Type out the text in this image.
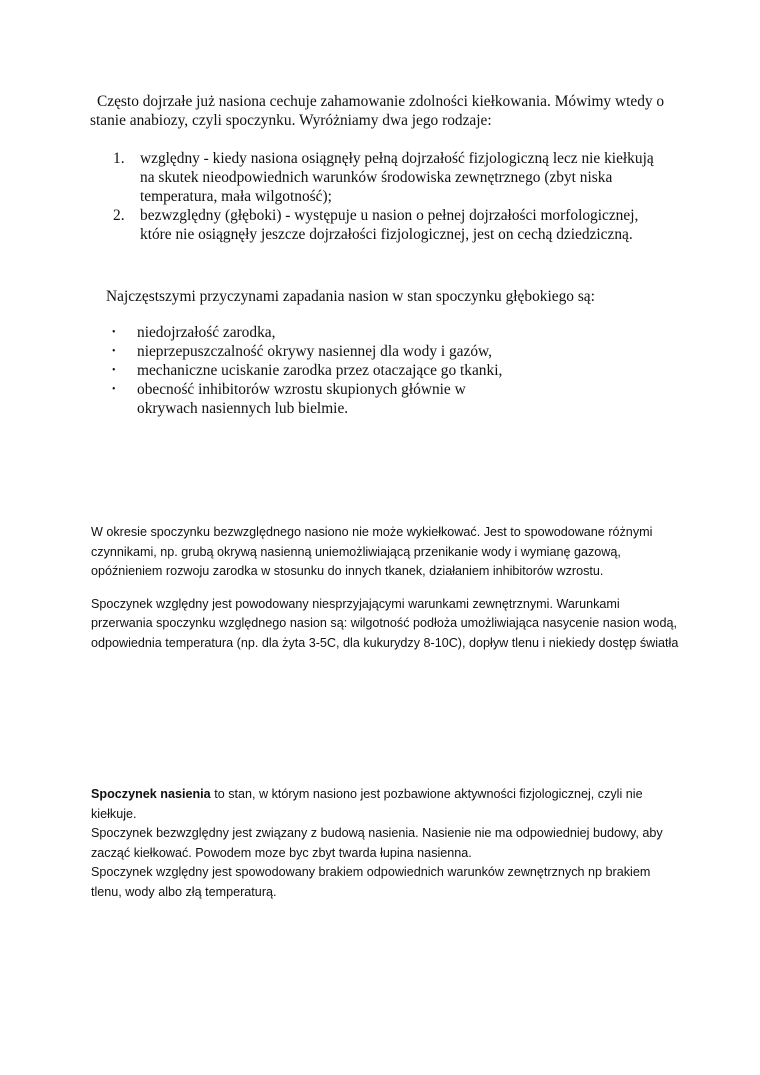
Często dojrzałe już nasiona cechuje zahamowanie zdolności kiełkowania. Mówimy wtedy o stanie anabiozy, czyli spoczynku. Wyróżniamy dwa jego rodzaje:

1. względny - kiedy nasiona osiągnęły pełną dojrzałość fizjologiczną lecz nie kiełkują na skutek nieodpowiednich warunków środowiska zewnętrznego (zbyt niska temperatura, mała wilgotność);
2. bezwzględny (głęboki) - występuje u nasion o pełnej dojrzałości morfologicznej, które nie osiągnęły jeszcze dojrzałości fizjologicznej, jest on cechą dziedziczną.

Najczęstszymi przyczynami zapadania nasion w stan spoczynku głębokiego są:

• niedojrzałość zarodka,
• nieprzepuszczalność okrywy nasiennej dla wody i gazów,
• mechaniczne uciskanie zarodka przez otaczające go tkanki,
• obecność inhibitorów wzrostu skupionych głównie w okrywach nasiennych lub bielmie.

W okresie spoczynku bezwzględnego nasiono nie może wykiełkować. Jest to spowodowane różnymi czynnikami, np. grubą okrywą nasienną uniemożliwiającą przenikanie wody i wymianę gazową, opóźnieniem rozwoju zarodka w stosunku do innych tkanek, działaniem inhibitorów wzrostu.

Spoczynek względny jest powodowany niesprzyjającymi warunkami zewnętrznymi. Warunkami przerwania spoczynku względnego nasion są: wilgotność podłoża umożliwiająca nasycenie nasion wodą, odpowiednia temperatura (np. dla żyta 3-5C, dla kukurydzy 8-10C), dopływ tlenu i niekiedy dostęp światła

Spoczynek nasienia to stan, w którym nasiono jest pozbawione aktywności fizjologicznej, czyli nie kiełkuje.

Spoczynek bezwzględny jest związany z budową nasienia. Nasienie nie ma odpowiedniej budowy, aby zacząć kiełkować. Powodem moze byc zbyt twarda łupina nasienna.

Spoczynek względny jest spowodowany brakiem odpowiednich warunków zewnętrznych np brakiem tlenu, wody albo złą temperaturą.
